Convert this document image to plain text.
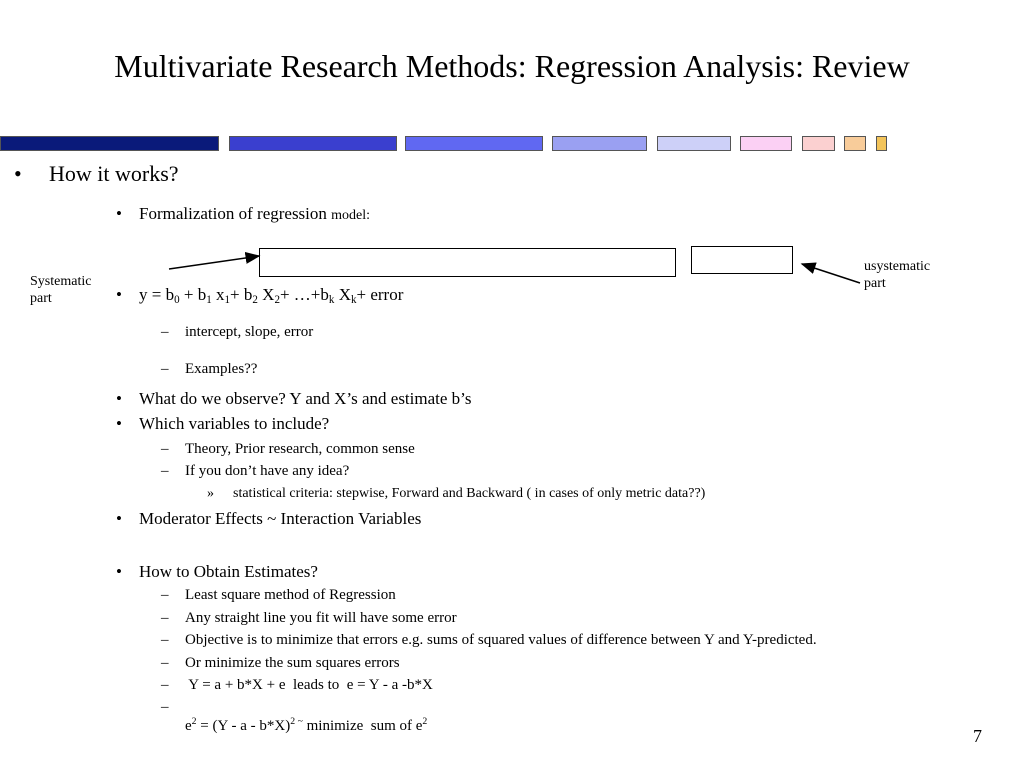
Multivariate Research Methods: Regression Analysis: Review
• How it works?
• Formalization of regression model:
Systematic part
usystematic part
• $y = b_0 + b_1$ $x_1+ b_2$ $X_2+$ $\dots+b_k$ $X_k+$ error
– intercept, slope, error
– Examples??
• What do we observe? Y and X’s and estimate b’s
• Which variables to include?
– Theory, Prior research, common sense
– If you don’t have any idea?
» statistical criteria: stepwise, Forward and Backward ( in cases of only metric data??)
• Moderator Effects ~ Interaction Variables
• How to Obtain Estimates?
– Least square method of Regression
– Any straight line you fit will have some error
– Objective is to minimize that errors e.g. sums of squared values of difference between Y and Y-predicted.
– Or minimize the sum squares errors
– Y = a + b*X + e  leads to  e = Y - a -b*X
–

$e^2 = (Y - a - b*X)^{2 \sim}$ minimize  sum of $e^2$
7
